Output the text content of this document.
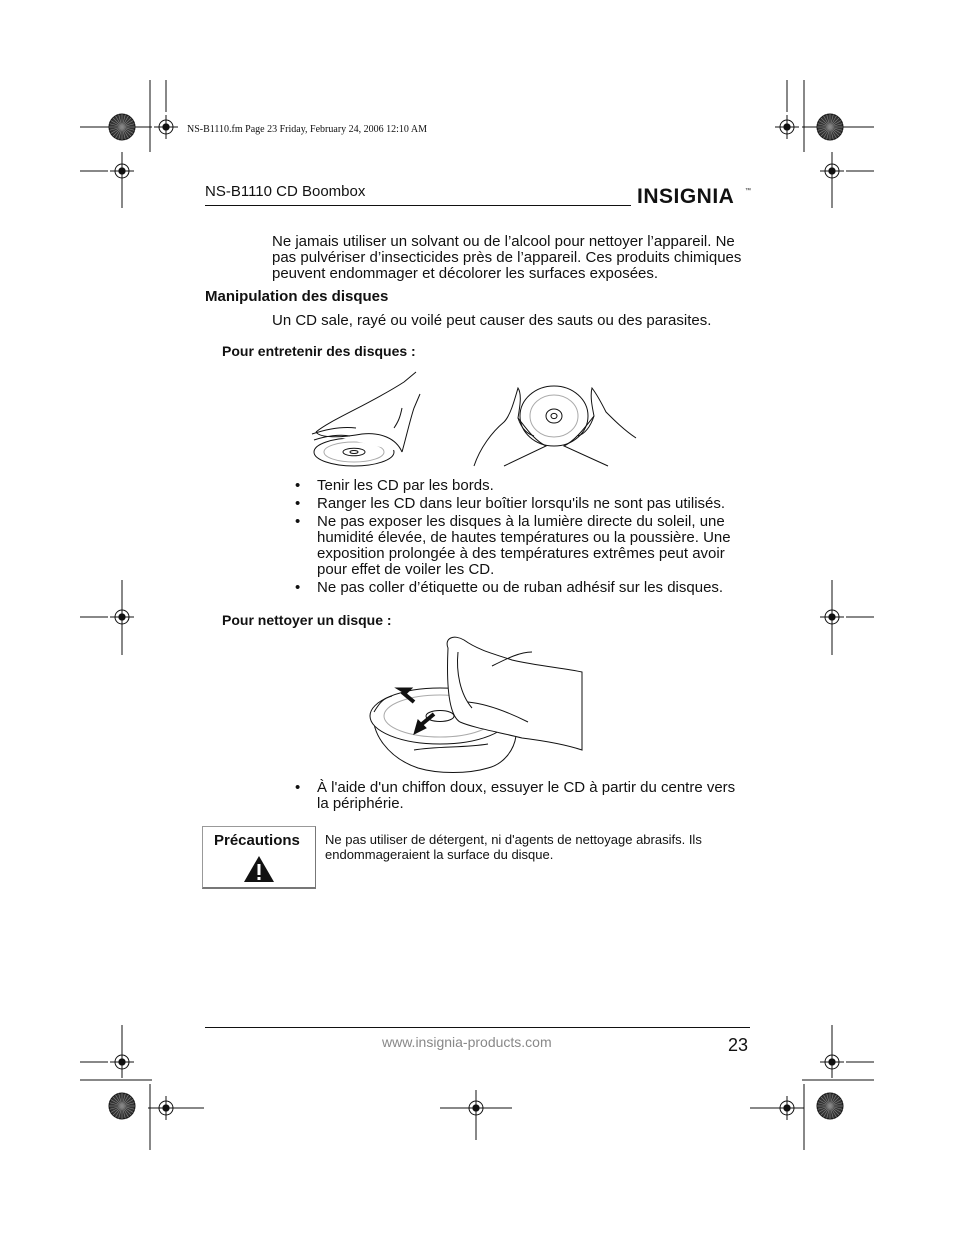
NS-B1110.fm Page 23 Friday, February 24, 2006 12:10 AM
NS-B1110 CD Boombox	INSIGNIA ™
Ne jamais utiliser un solvant ou de l’alcool pour nettoyer l’appareil. Ne pas pulvériser d’insecticides près de l’appareil. Ces produits chimiques peuvent endommager et décolorer les surfaces exposées.
Manipulation des disques
Un CD sale, rayé ou voilé peut causer des sauts ou des parasites.
Pour entretenir des disques :
• Tenir les CD par les bords.
• Ranger les CD dans leur boîtier lorsqu'ils ne sont pas utilisés.
• Ne pas exposer les disques à la lumière directe du soleil, une humidité élevée, de hautes températures ou la poussière. Une exposition prolongée à des températures extrêmes peut avoir pour effet de voiler les CD.
• Ne pas coller d’étiquette ou de ruban adhésif sur les disques.
Pour nettoyer un disque :
• À l'aide d'un chiffon doux, essuyer le CD à partir du centre vers la périphérie.
Précautions Ne pas utiliser de détergent, ni d'agents de nettoyage abrasifs. Ils endommageraient la surface du disque.
www.insignia-products.com	23
